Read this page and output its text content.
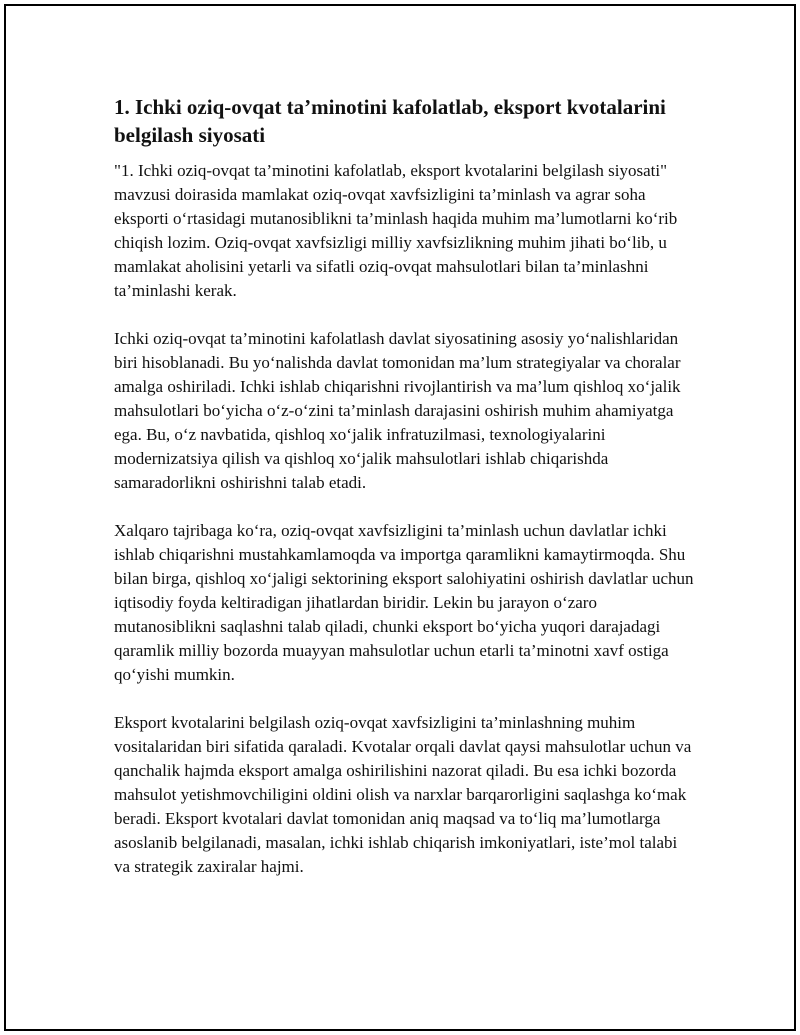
1. Ichki oziq-ovqat ta’minotini kafolatlab, eksport kvotalarini belgilash siyosati

"1. Ichki oziq-ovqat ta’minotini kafolatlab, eksport kvotalarini belgilash siyosati" mavzusi doirasida mamlakat oziq-ovqat xavfsizligini ta’minlash va agrar soha eksporti o‘rtasidagi mutanosiblikni ta’minlash haqida muhim ma’lumotlarni ko‘rib chiqish lozim. Oziq-ovqat xavfsizligi milliy xavfsizlikning muhim jihati bo‘lib, u mamlakat aholisini yetarli va sifatli oziq-ovqat mahsulotlari bilan ta’minlashni ta’minlashi kerak.

Ichki oziq-ovqat ta’minotini kafolatlash davlat siyosatining asosiy yo‘nalishlaridan biri hisoblanadi. Bu yo‘nalishda davlat tomonidan ma’lum strategiyalar va choralar amalga oshiriladi. Ichki ishlab chiqarishni rivojlantirish va ma’lum qishloq xo‘jalik mahsulotlari bo‘yicha o‘z-o‘zini ta’minlash darajasini oshirish muhim ahamiyatga ega. Bu, o‘z navbatida, qishloq xo‘jalik infratuzilmasi, texnologiyalarini modernizatsiya qilish va qishloq xo‘jalik mahsulotlari ishlab chiqarishda samaradorlikni oshirishni talab etadi.

Xalqaro tajribaga ko‘ra, oziq-ovqat xavfsizligini ta’minlash uchun davlatlar ichki ishlab chiqarishni mustahkamlamoqda va importga qaramlikni kamaytirmoqda. Shu bilan birga, qishloq xo‘jaligi sektorining eksport salohiyatini oshirish davlatlar uchun iqtisodiy foyda keltiradigan jihatlardan biridir. Lekin bu jarayon o‘zaro mutanosiblikni saqlashni talab qiladi, chunki eksport bo‘yicha yuqori darajadagi qaramlik milliy bozorda muayyan mahsulotlar uchun etarli ta’minotni xavf ostiga qo‘yishi mumkin.

Eksport kvotalarini belgilash oziq-ovqat xavfsizligini ta’minlashning muhim vositalaridan biri sifatida qaraladi. Kvotalar orqali davlat qaysi mahsulotlar uchun va qanchalik hajmda eksport amalga oshirilishini nazorat qiladi. Bu esa ichki bozorda mahsulot yetishmovchiligini oldini olish va narxlar barqarorligini saqlashga ko‘mak beradi. Eksport kvotalari davlat tomonidan aniq maqsad va to‘liq ma’lumotlarga asoslanib belgilanadi, masalan, ichki ishlab chiqarish imkoniyatlari, iste’mol talabi va strategik zaxiralar hajmi.
